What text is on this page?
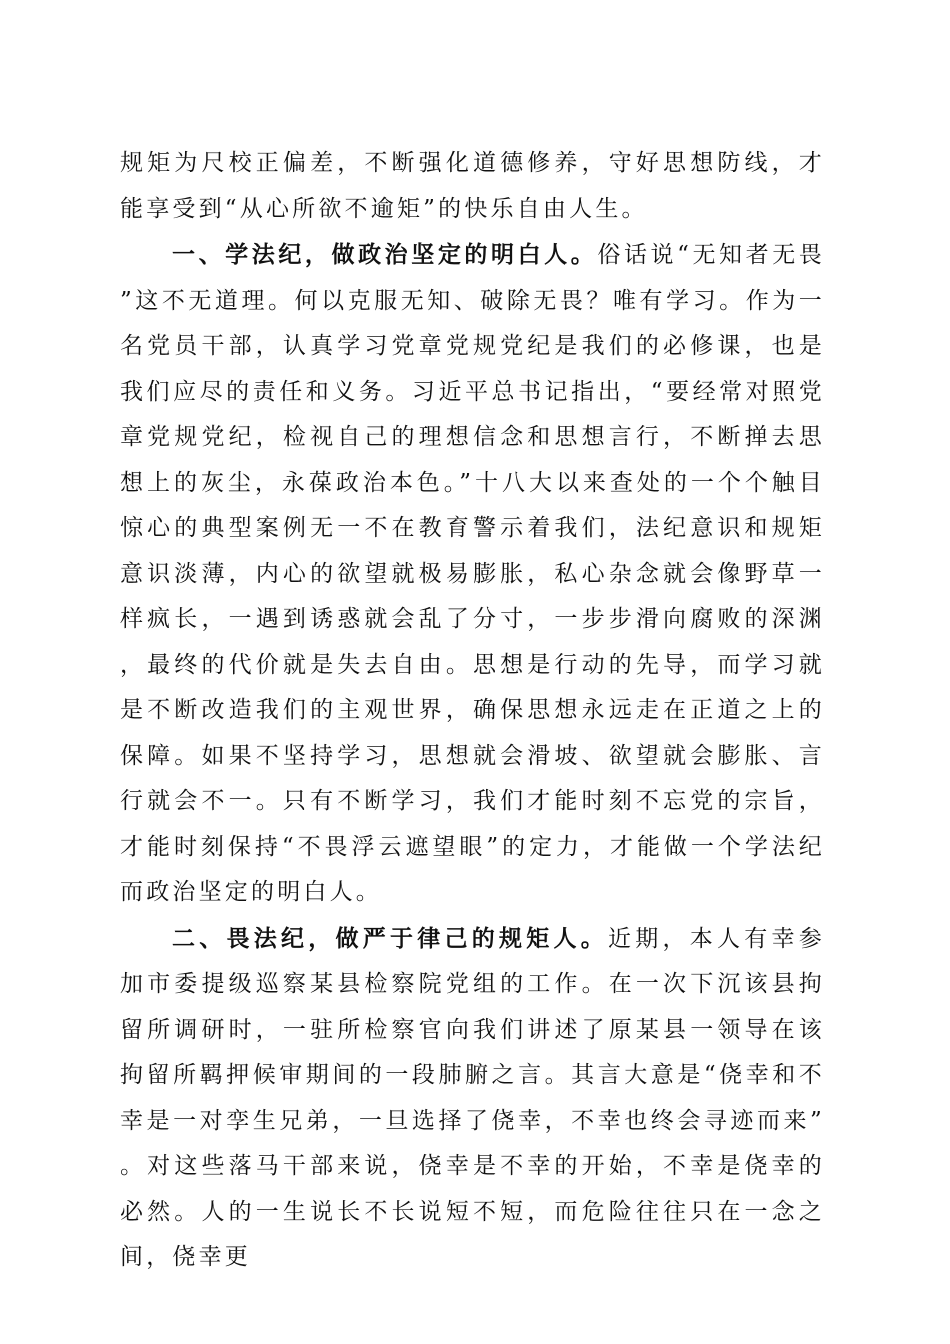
规矩为尺校正偏差，不断强化道德修养，守好思想防线，才能享受到“从心所欲不逾矩”的快乐自由人生。

一、学法纪，做政治坚定的明白人。俗话说“无知者无畏”这不无道理。何以克服无知、破除无畏？唯有学习。作为一名党员干部，认真学习党章党规党纪是我们的必修课，也是我们应尽的责任和义务。习近平总书记指出，“要经常对照党章党规党纪，检视自己的理想信念和思想言行，不断掸去思想上的灰尘，永葆政治本色。”十八大以来查处的一个个触目惊心的典型案例无一不在教育警示着我们，法纪意识和规矩意识淡薄，内心的欲望就极易膨胀，私心杂念就会像野草一样疯长，一遇到诱惑就会乱了分寸，一步步滑向腐败的深渊，最终的代价就是失去自由。思想是行动的先导，而学习就是不断改造我们的主观世界，确保思想永远走在正道之上的保障。如果不坚持学习，思想就会滑坡、欲望就会膨胀、言行就会不一。只有不断学习，我们才能时刻不忘党的宗旨，才能时刻保持“不畏浮云遮望眼”的定力，才能做一个学法纪而政治坚定的明白人。

二、畏法纪，做严于律己的规矩人。近期，本人有幸参加市委提级巡察某县检察院党组的工作。在一次下沉该县拘留所调研时，一驻所检察官向我们讲述了原某县一领导在该拘留所羁押候审期间的一段肺腑之言。其言大意是“侥幸和不幸是一对孪生兄弟，一旦选择了侥幸，不幸也终会寻迹而来”。对这些落马干部来说，侥幸是不幸的开始，不幸是侥幸的必然。人的一生说长不长说短不短，而危险往往只在一念之间，侥幸更
